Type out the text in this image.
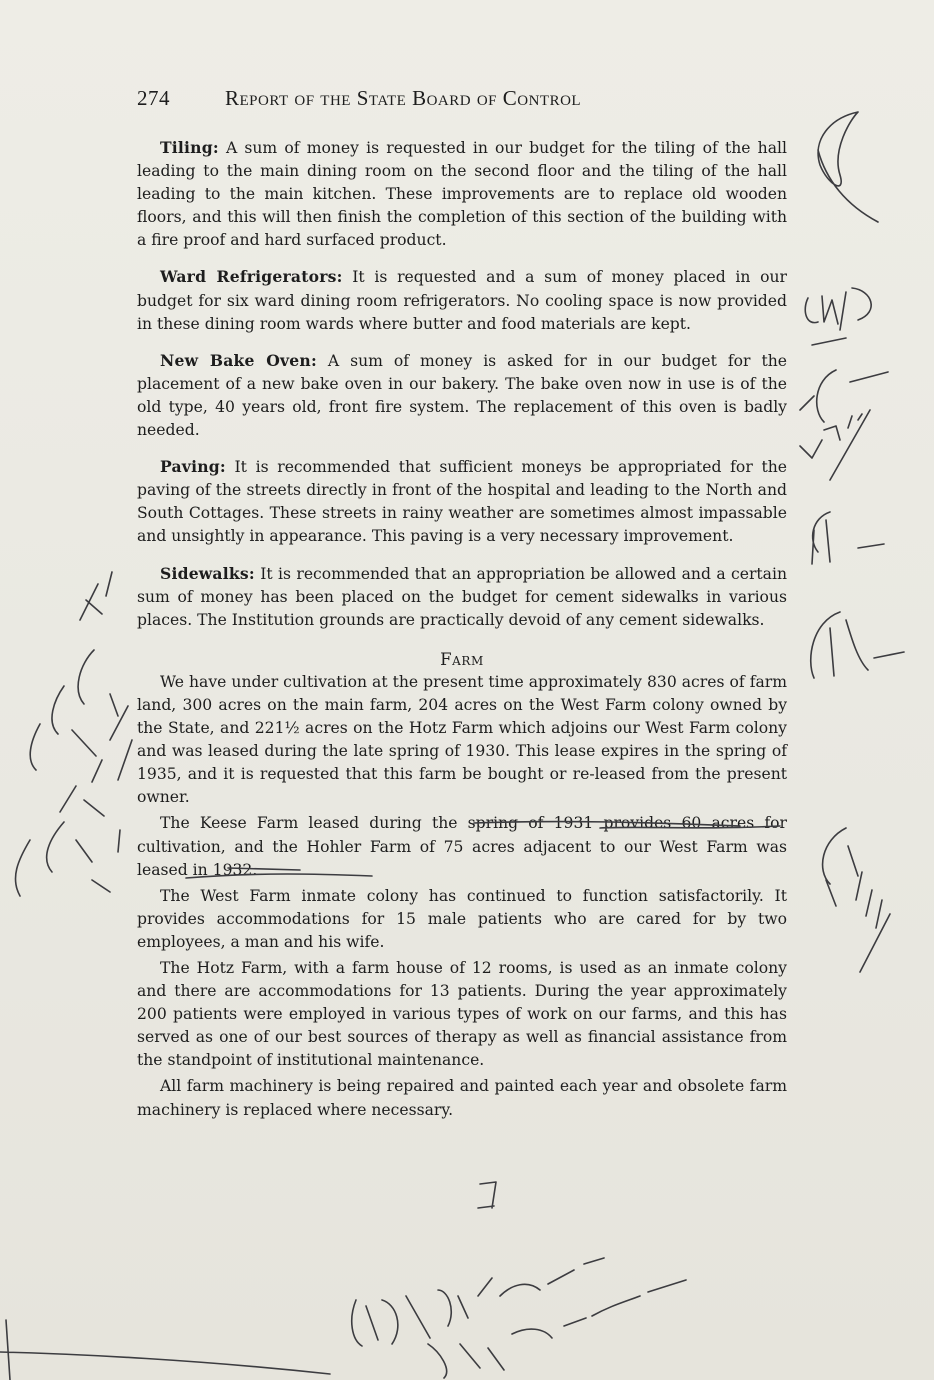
274	Report of the State Board of Control

Tiling: A sum of money is requested in our budget for the tiling of the hall leading to the main dining room on the second floor and the tiling of the hall leading to the main kitchen. These improvements are to replace old wooden floors, and this will then finish the completion of this section of the building with a fire proof and hard surfaced product.

Ward Refrigerators: It is requested and a sum of money placed in our budget for six ward dining room refrigerators. No cooling space is now provided in these dining room wards where butter and food materials are kept.

New Bake Oven: A sum of money is asked for in our budget for the placement of a new bake oven in our bakery. The bake oven now in use is of the old type, 40 years old, front fire system. The replacement of this oven is badly needed.

Paving: It is recommended that sufficient moneys be appropriated for the paving of the streets directly in front of the hospital and leading to the North and South Cottages. These streets in rainy weather are sometimes almost impassable and unsightly in appearance. This paving is a very necessary improvement.

Sidewalks: It is recommended that an appropriation be allowed and a certain sum of money has been placed on the budget for cement sidewalks in various places. The Institution grounds are practically devoid of any cement sidewalks.

Farm

We have under cultivation at the present time approximately 830 acres of farm land, 300 acres on the main farm, 204 acres on the West Farm colony owned by the State, and 221½ acres on the Hotz Farm which adjoins our West Farm colony and was leased during the late spring of 1930. This lease expires in the spring of 1935, and it is requested that this farm be bought or re-leased from the present owner.

The Keese Farm leased during the spring of 1931 provides 60 acres for cultivation, and the Hohler Farm of 75 acres adjacent to our West Farm was leased in 1932.

The West Farm inmate colony has continued to function satisfactorily. It provides accommodations for 15 male patients who are cared for by two employees, a man and his wife.

The Hotz Farm, with a farm house of 12 rooms, is used as an inmate colony and there are accommodations for 13 patients. During the year approximately 200 patients were employed in various types of work on our farms, and this has served as one of our best sources of therapy as well as financial assistance from the standpoint of institutional maintenance.

All farm machinery is being repaired and painted each year and obsolete farm machinery is replaced where necessary.
